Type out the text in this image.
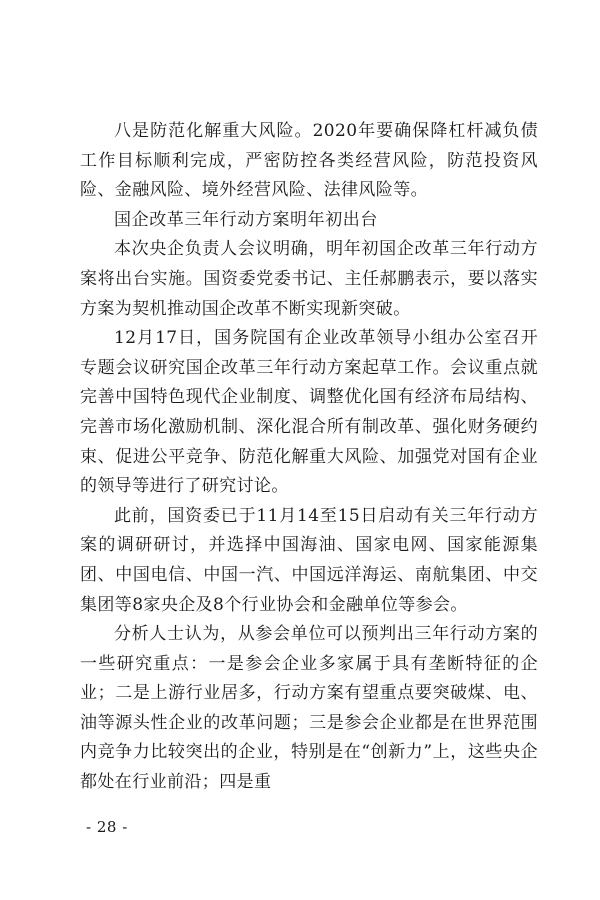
八是防范化解重大风险。2020年要确保降杠杆减负债工作目标顺利完成，严密防控各类经营风险，防范投资风险、金融风险、境外经营风险、法律风险等。

国企改革三年行动方案明年初出台

本次央企负责人会议明确，明年初国企改革三年行动方案将出台实施。国资委党委书记、主任郝鹏表示，要以落实方案为契机推动国企改革不断实现新突破。

12月17日，国务院国有企业改革领导小组办公室召开专题会议研究国企改革三年行动方案起草工作。会议重点就完善中国特色现代企业制度、调整优化国有经济布局结构、完善市场化激励机制、深化混合所有制改革、强化财务硬约束、促进公平竞争、防范化解重大风险、加强党对国有企业的领导等进行了研究讨论。

此前，国资委已于11月14至15日启动有关三年行动方案的调研研讨，并选择中国海油、国家电网、国家能源集团、中国电信、中国一汽、中国远洋海运、南航集团、中交集团等8家央企及8个行业协会和金融单位等参会。

分析人士认为，从参会单位可以预判出三年行动方案的一些研究重点：一是参会企业多家属于具有垄断特征的企业；二是上游行业居多，行动方案有望重点要突破煤、电、油等源头性企业的改革问题；三是参会企业都是在世界范围内竞争力比较突出的企业，特别是在“创新力”上，这些央企都处在行业前沿；四是重

- 28 -
